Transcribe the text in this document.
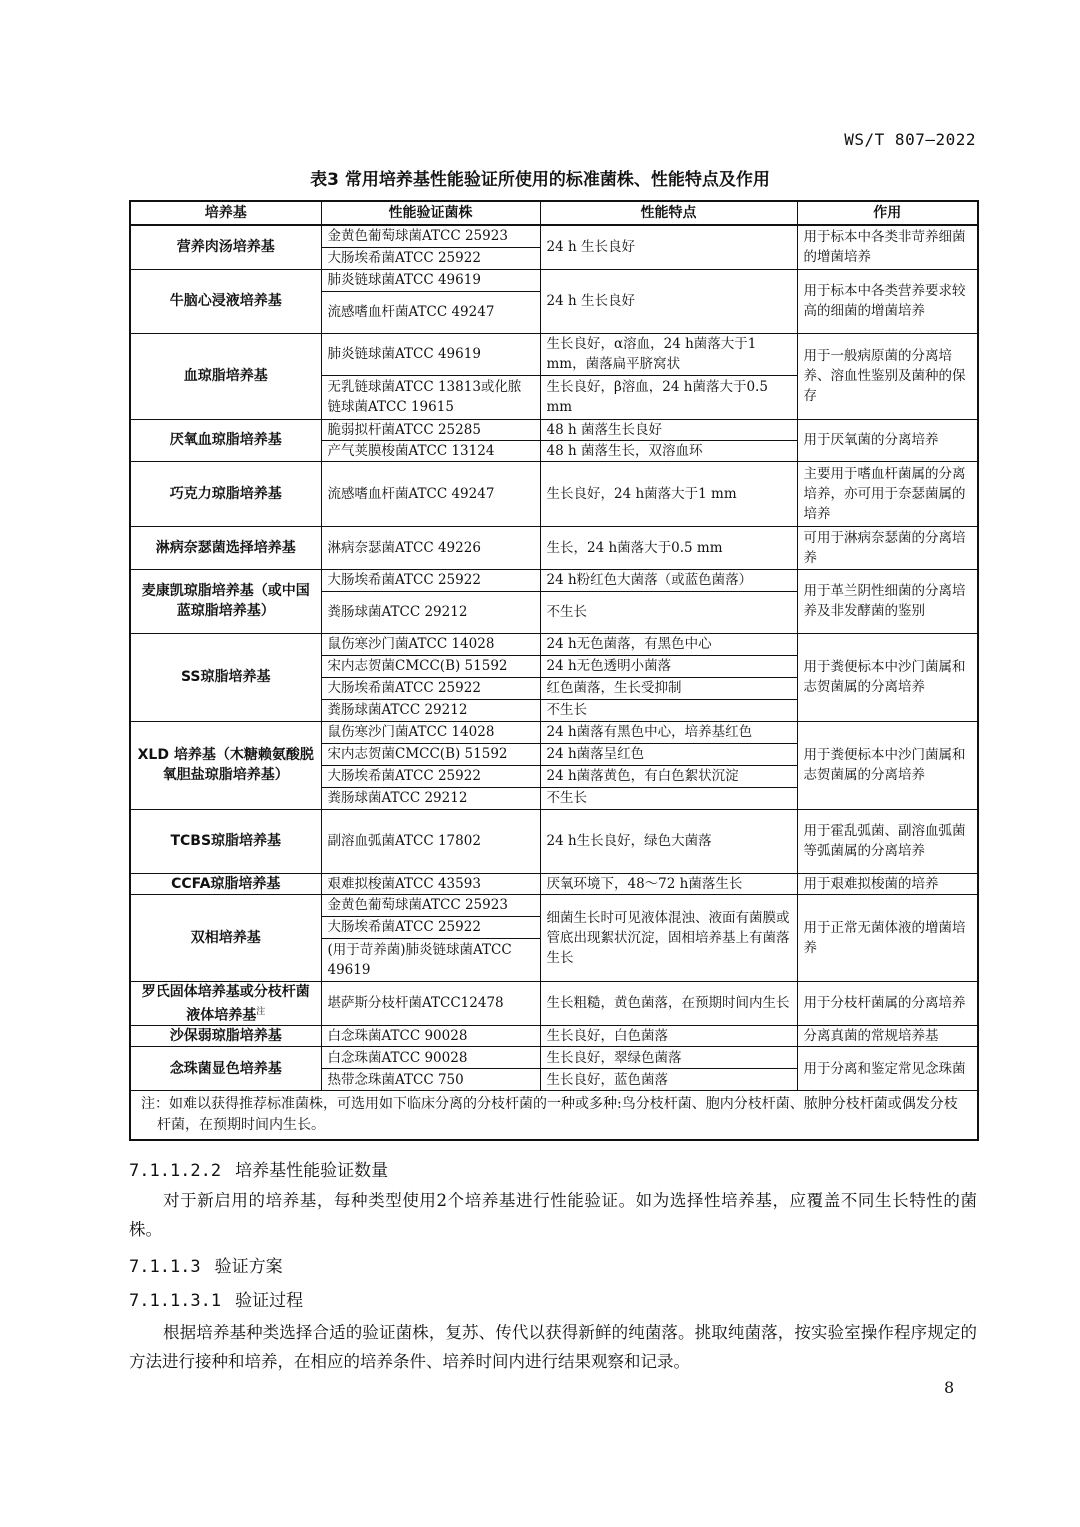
WS/T 807—2022
表3 常用培养基性能验证所使用的标准菌株、性能特点及作用
培养基	性能验证菌株	性能特点	作用
营养肉汤培养基	金黄色葡萄球菌ATCC 25923	24 h 生长良好	用于标本中各类非苛养细菌的增菌培养
	大肠埃希菌ATCC 25922		
牛脑心浸液培养基	肺炎链球菌ATCC 49619	24 h 生长良好	用于标本中各类营养要求较高的细菌的增菌培养
	流感嗜血杆菌ATCC 49247		
血琼脂培养基	肺炎链球菌ATCC 49619	生长良好，α溶血，24 h菌落大于1 mm，菌落扁平脐窝状	用于一般病原菌的分离培养、溶血性鉴别及菌种的保存
	无乳链球菌ATCC 13813或化脓链球菌ATCC 19615	生长良好，β溶血，24 h菌落大于0.5 mm	
厌氧血琼脂培养基	脆弱拟杆菌ATCC 25285	48 h 菌落生长良好	用于厌氧菌的分离培养
	产气荚膜梭菌ATCC 13124	48 h 菌落生长，双溶血环	
巧克力琼脂培养基	流感嗜血杆菌ATCC 49247	生长良好，24 h菌落大于1 mm	主要用于嗜血杆菌属的分离培养，亦可用于奈瑟菌属的培养
淋病奈瑟菌选择培养基	淋病奈瑟菌ATCC 49226	生长，24 h菌落大于0.5 mm	可用于淋病奈瑟菌的分离培养
麦康凯琼脂培养基（或中国蓝琼脂培养基）	大肠埃希菌ATCC 25922	24 h粉红色大菌落（或蓝色菌落）	用于革兰阴性细菌的分离培养及非发酵菌的鉴别
	粪肠球菌ATCC 29212	不生长	
SS琼脂培养基	鼠伤寒沙门菌ATCC 14028	24 h无色菌落，有黑色中心	用于粪便标本中沙门菌属和志贺菌属的分离培养
	宋内志贺菌CMCC(B) 51592	24 h无色透明小菌落	
	大肠埃希菌ATCC 25922	红色菌落，生长受抑制	
	粪肠球菌ATCC 29212	不生长	
XLD 培养基（木糖赖氨酸脱氧胆盐琼脂培养基）	鼠伤寒沙门菌ATCC 14028	24 h菌落有黑色中心，培养基红色	用于粪便标本中沙门菌属和志贺菌属的分离培养
	宋内志贺菌CMCC(B) 51592	24 h菌落呈红色	
	大肠埃希菌ATCC 25922	24 h菌落黄色，有白色絮状沉淀	
	粪肠球菌ATCC 29212	不生长	
TCBS琼脂培养基	副溶血弧菌ATCC 17802	24 h生长良好，绿色大菌落	用于霍乱弧菌、副溶血弧菌等弧菌属的分离培养
CCFA琼脂培养基	艰难拟梭菌ATCC 43593	厌氧环境下，48～72 h菌落生长	用于艰难拟梭菌的培养
双相培养基	金黄色葡萄球菌ATCC 25923	细菌生长时可见液体混浊、液面有菌膜或管底出现絮状沉淀，固相培养基上有菌落生长	用于正常无菌体液的增菌培养
	大肠埃希菌ATCC 25922		
	(用于苛养菌)肺炎链球菌ATCC 49619		
罗氏固体培养基或分枝杆菌液体培养基$^注$	堪萨斯分枝杆菌ATCC12478	生长粗糙，黄色菌落，在预期时间内生长	用于分枝杆菌属的分离培养
沙保弱琼脂培养基	白念珠菌ATCC 90028	生长良好，白色菌落	分离真菌的常规培养基
念珠菌显色培养基	白念珠菌ATCC 90028	生长良好，翠绿色菌落	用于分离和鉴定常见念珠菌
	热带念珠菌ATCC 750	生长良好，蓝色菌落	
注：如难以获得推荐标准菌株，可选用如下临床分离的分枝杆菌的一种或多种:鸟分枝杆菌、胞内分枝杆菌、脓肿分枝杆菌或偶发分枝杆菌，在预期时间内生长。			
7.1.1.2.2 培养基性能验证数量
对于新启用的培养基，每种类型使用2个培养基进行性能验证。如为选择性培养基，应覆盖不同生长特性的菌株。
7.1.1.3 验证方案
7.1.1.3.1 验证过程
根据培养基种类选择合适的验证菌株，复苏、传代以获得新鲜的纯菌落。挑取纯菌落，按实验室操作程序规定的方法进行接种和培养，在相应的培养条件、培养时间内进行结果观察和记录。
8
